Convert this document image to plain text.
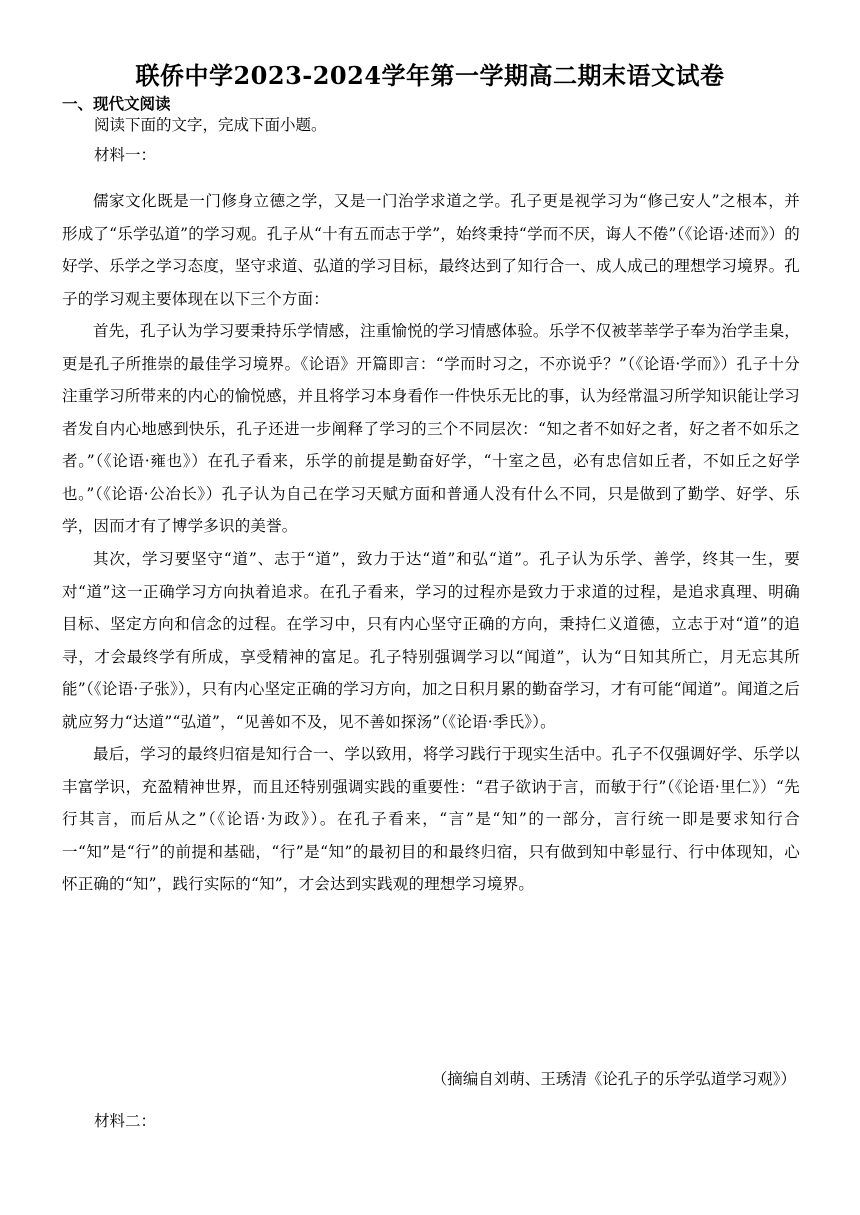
联侨中学2023-2024学年第一学期高二期末语文试卷
一、现代文阅读
阅读下面的文字，完成下面小题。
材料一：

儒家文化既是一门修身立德之学，又是一门治学求道之学。孔子更是视学习为“修己安人”之根本，并形成了“乐学弘道”的学习观。孔子从“十有五而志于学”，始终秉持“学而不厌，诲人不倦”（《论语·述而》）的好学、乐学之学习态度，坚守求道、弘道的学习目标，最终达到了知行合一、成人成己的理想学习境界。孔子的学习观主要体现在以下三个方面：

首先，孔子认为学习要秉持乐学情感，注重愉悦的学习情感体验。乐学不仅被莘莘学子奉为治学圭臬，更是孔子所推崇的最佳学习境界。《论语》开篇即言：“学而时习之，不亦说乎？”（《论语·学而》）孔子十分注重学习所带来的内心的愉悦感，并且将学习本身看作一件快乐无比的事，认为经常温习所学知识能让学习者发自内心地感到快乐，孔子还进一步阐释了学习的三个不同层次：“知之者不如好之者，好之者不如乐之者。”（《论语·雍也》）在孔子看来，乐学的前提是勤奋好学，“十室之邑，必有忠信如丘者，不如丘之好学也。”（《论语·公冶长》）孔子认为自己在学习天赋方面和普通人没有什么不同，只是做到了勤学、好学、乐学，因而才有了博学多识的美誉。

其次，学习要坚守“道”、志于“道”，致力于达“道”和弘“道”。孔子认为乐学、善学，终其一生，要对“道”这一正确学习方向执着追求。在孔子看来，学习的过程亦是致力于求道的过程，是追求真理、明确目标、坚定方向和信念的过程。在学习中，只有内心坚守正确的方向，秉持仁义道德，立志于对“道”的追寻，才会最终学有所成，享受精神的富足。孔子特别强调学习以“闻道”，认为“日知其所亡，月无忘其所能”（《论语·子张》），只有内心坚定正确的学习方向，加之日积月累的勤奋学习，才有可能“闻道”。闻道之后就应努力“达道”“弘道”，“见善如不及，见不善如探汤”（《论语·季氏》）。

最后，学习的最终归宿是知行合一、学以致用，将学习践行于现实生活中。孔子不仅强调好学、乐学以丰富学识，充盈精神世界，而且还特别强调实践的重要性：“君子欲讷于言，而敏于行”（《论语·里仁》）“先行其言，而后从之”（《论语·为政》）。在孔子看来，“言”是“知”的一部分，言行统一即是要求知行合一“知”是“行”的前提和基础，“行”是“知”的最初目的和最终归宿，只有做到知中彰显行、行中体现知，心怀正确的“知”，践行实际的“知”，才会达到实践观的理想学习境界。

（摘编自刘萌、王琇清《论孔子的乐学弘道学习观》）
材料二：
